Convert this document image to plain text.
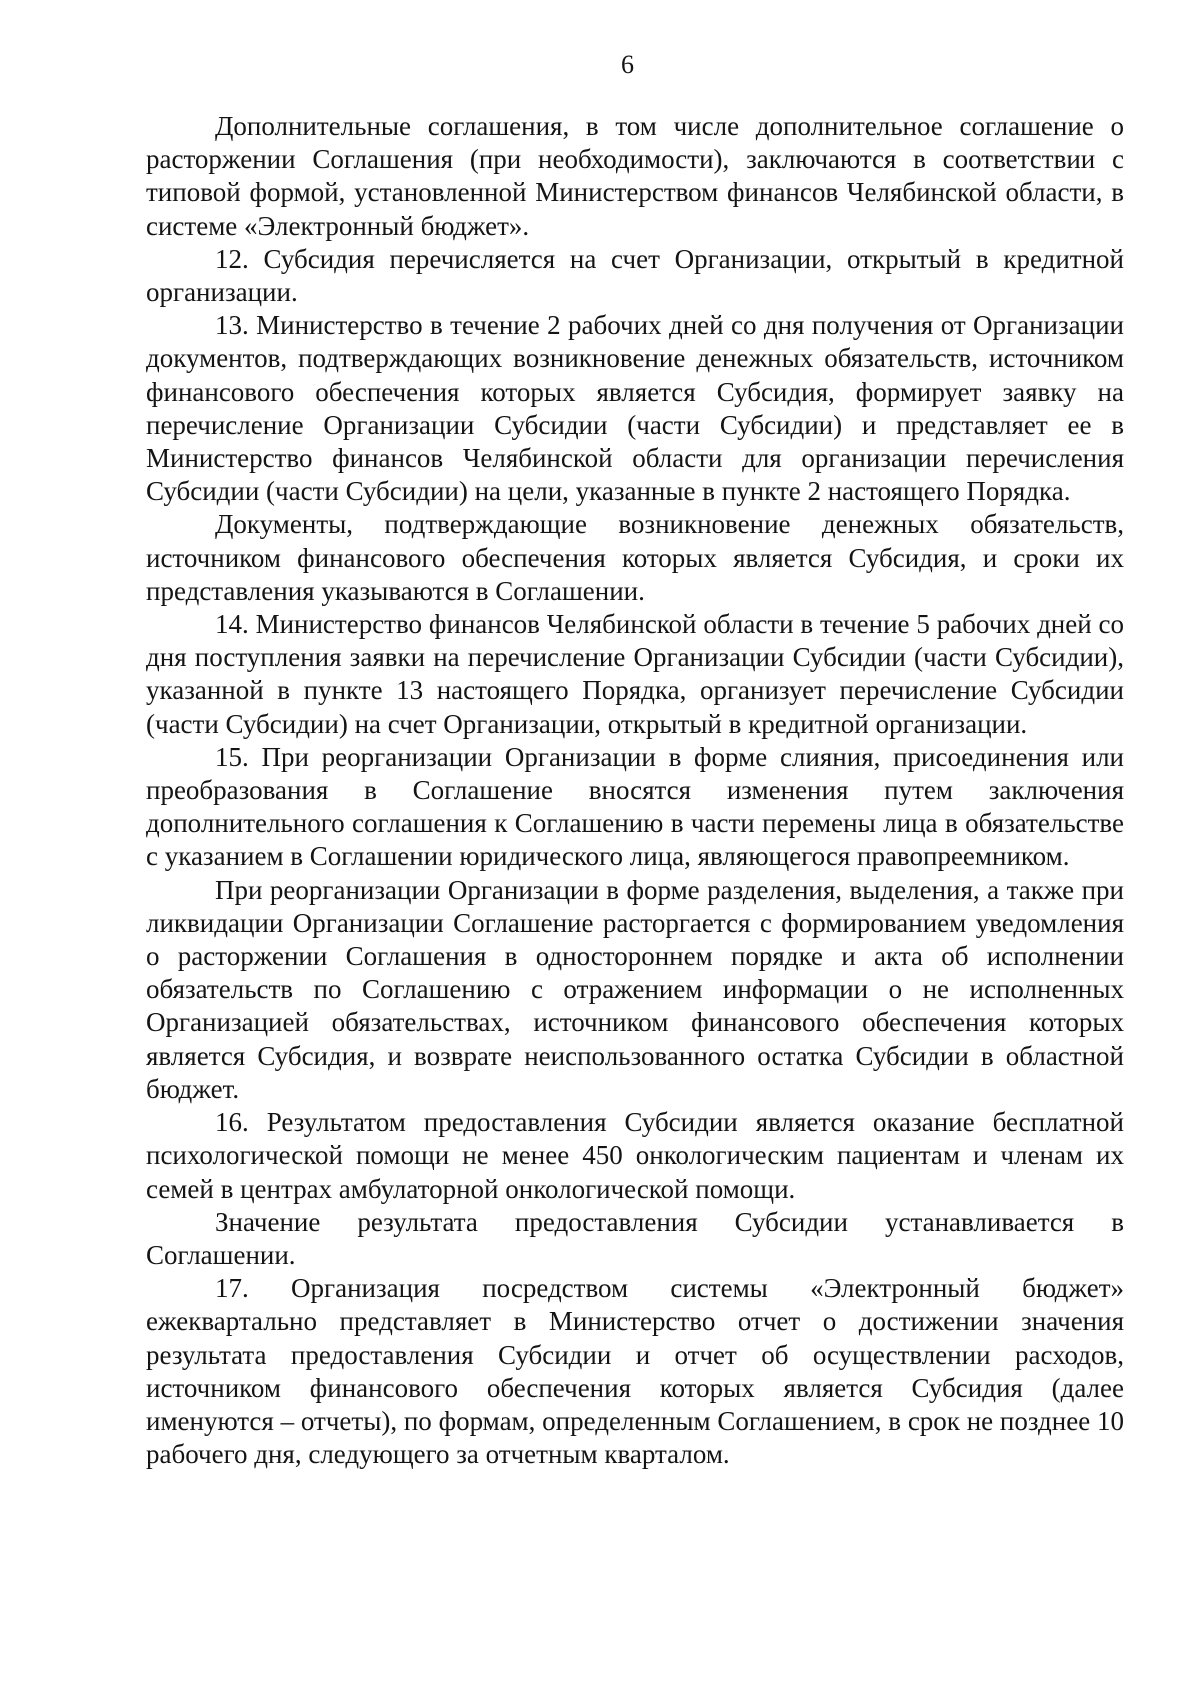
6

Дополнительные соглашения, в том числе дополнительное соглашение о расторжении Соглашения (при необходимости), заключаются в соответствии с типовой формой, установленной Министерством финансов Челябинской области, в системе «Электронный бюджет».

12. Субсидия перечисляется на счет Организации, открытый в кредитной организации.

13. Министерство в течение 2 рабочих дней со дня получения от Организации документов, подтверждающих возникновение денежных обязательств, источником финансового обеспечения которых является Субсидия, формирует заявку на перечисление Организации Субсидии (части Субсидии) и представляет ее в Министерство финансов Челябинской области для организации перечисления Субсидии (части Субсидии) на цели, указанные в пункте 2 настоящего Порядка.

Документы, подтверждающие возникновение денежных обязательств, источником финансового обеспечения которых является Субсидия, и сроки их представления указываются в Соглашении.

14. Министерство финансов Челябинской области в течение 5 рабочих дней со дня поступления заявки на перечисление Организации Субсидии (части Субсидии), указанной в пункте 13 настоящего Порядка, организует перечисление Субсидии (части Субсидии) на счет Организации, открытый в кредитной организации.

15. При реорганизации Организации в форме слияния, присоединения или преобразования в Соглашение вносятся изменения путем заключения дополнительного соглашения к Соглашению в части перемены лица в обязательстве с указанием в Соглашении юридического лица, являющегося правопреемником.

При реорганизации Организации в форме разделения, выделения, а также при ликвидации Организации Соглашение расторгается с формированием уведомления о расторжении Соглашения в одностороннем порядке и акта об исполнении обязательств по Соглашению с отражением информации о не исполненных Организацией обязательствах, источником финансового обеспечения которых является Субсидия, и возврате неиспользованного остатка Субсидии в областной бюджет.

16. Результатом предоставления Субсидии является оказание бесплатной психологической помощи не менее 450 онкологическим пациентам и членам их семей в центрах амбулаторной онкологической помощи.

Значение результата предоставления Субсидии устанавливается в Соглашении.

17. Организация посредством системы «Электронный бюджет» ежеквартально представляет в Министерство отчет о достижении значения результата предоставления Субсидии и отчет об осуществлении расходов, источником финансового обеспечения которых является Субсидия (далее именуются – отчеты), по формам, определенным Соглашением, в срок не позднее 10 рабочего дня, следующего за отчетным кварталом.
